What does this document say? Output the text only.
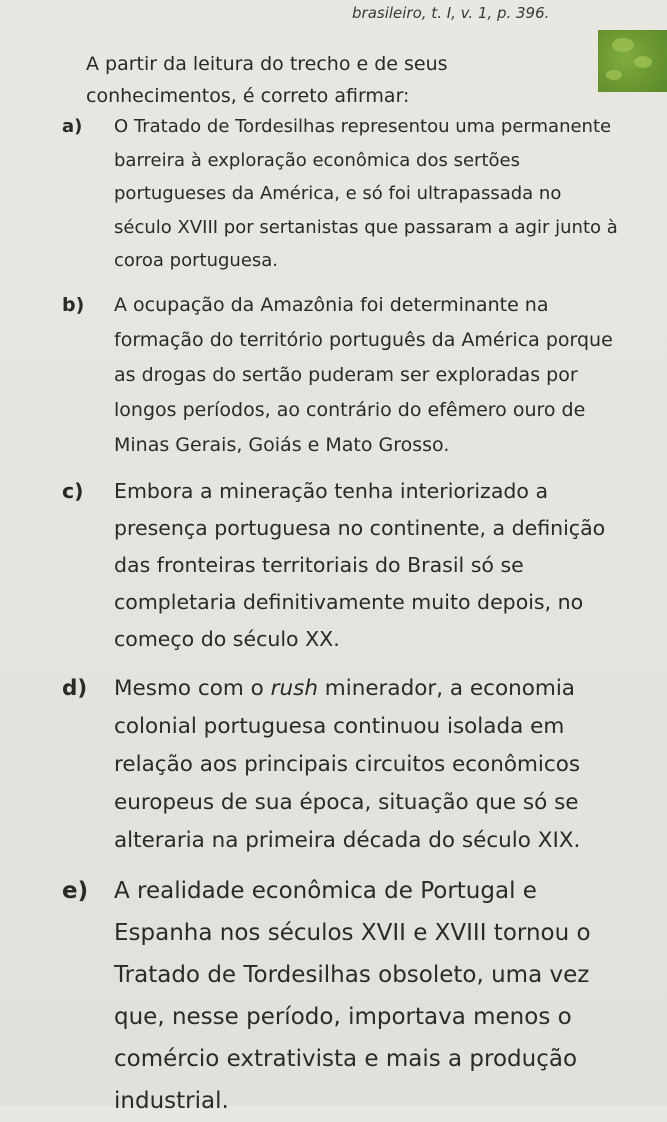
brasileiro, t. I, v. 1, p. 396.
A partir da leitura do trecho e de seus conhecimentos, é correto afirmar:
a) O Tratado de Tordesilhas representou uma permanente barreira à exploração econômica dos sertões portugueses da América, e só foi ultrapassada no século XVIII por sertanistas que passaram a agir junto à coroa portuguesa.
b) A ocupação da Amazônia foi determinante na formação do território português da América porque as drogas do sertão puderam ser exploradas por longos períodos, ao contrário do efêmero ouro de Minas Gerais, Goiás e Mato Grosso.
c) Embora a mineração tenha interiorizado a presença portuguesa no continente, a definição das fronteiras territoriais do Brasil só se completaria definitivamente muito depois, no começo do século XX.
d) Mesmo com o rush minerador, a economia colonial portuguesa continuou isolada em relação aos principais circuitos econômicos europeus de sua época, situação que só se alteraria na primeira década do século XIX.
e) A realidade econômica de Portugal e Espanha nos séculos XVII e XVIII tornou o Tratado de Tordesilhas obsoleto, uma vez que, nesse período, importava menos o comércio extrativista e mais a produção industrial.
